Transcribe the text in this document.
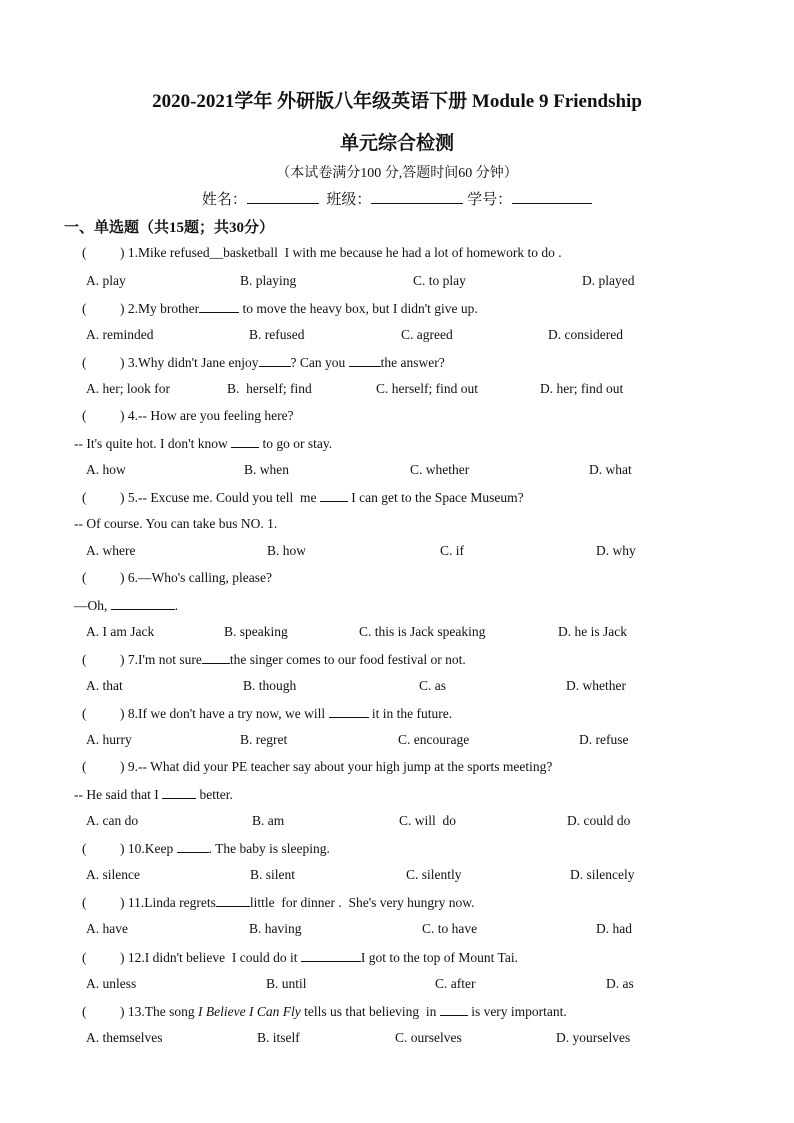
2020-2021学年 外研版八年级英语下册 Module 9 Friendship
单元综合检测
（本试卷满分100 分,答题时间60 分钟）
姓名：	班级：	学号：
一、单选题（共15题；共30分）
( ) 1.Mike refused__basketball  I with me because he had a lot of homework to do .
A. play	B. playing	C. to play	D. played
( ) 2.My brother	to move the heavy box, but I didn't give up.
A. reminded	B. refused	C. agreed	D. considered
( ) 3.Why didn't Jane enjoy ? Can you the answer?
A. her; look for	B.  herself; find	C. herself; find out	D. her; find out
( ) 4.-- How are you feeling here?
-- It's quite hot. I don't know  to go or stay.
A. how	B. when	C. whether	D. what
( ) 5.-- Excuse me. Could you tell  me  I can get to the Space Museum?
-- Of course. You can take bus NO. 1.
A. where	B. how	C. if	D. why
( ) 6.—Who's calling, please?
—Oh,	.
A. I am Jack	B. speaking	C. this is Jack speaking	D. he is Jack
( ) 7.I'm not sure the singer comes to our food festival or not.
A. that	B. though	C. as	D. whether
( ) 8.If we don't have a try now, we will	it in the future.
A. hurry	B. regret	C. encourage	D. refuse
( ) 9.-- What did your PE teacher say about your high jump at the sports meeting?
-- He said that I	better.
A. can do	B. am	C. will  do	D. could do
( ) 10.Keep . The baby is sleeping.
A. silence	B. silent	C. silently	D. silencely
( ) 11.Linda regrets	little  for dinner .  She's very hungry now.
A. have	B. having	C. to have	D. had
( ) 12.I didn't believe  I could do it	I got to the top of Mount Tai.
A. unless	B. until	C. after	D. as
( ) 13.The song I Believe I Can Fly tells us that believing  in  is very important.
A. themselves	B. itself	C. ourselves	D. yourselves
